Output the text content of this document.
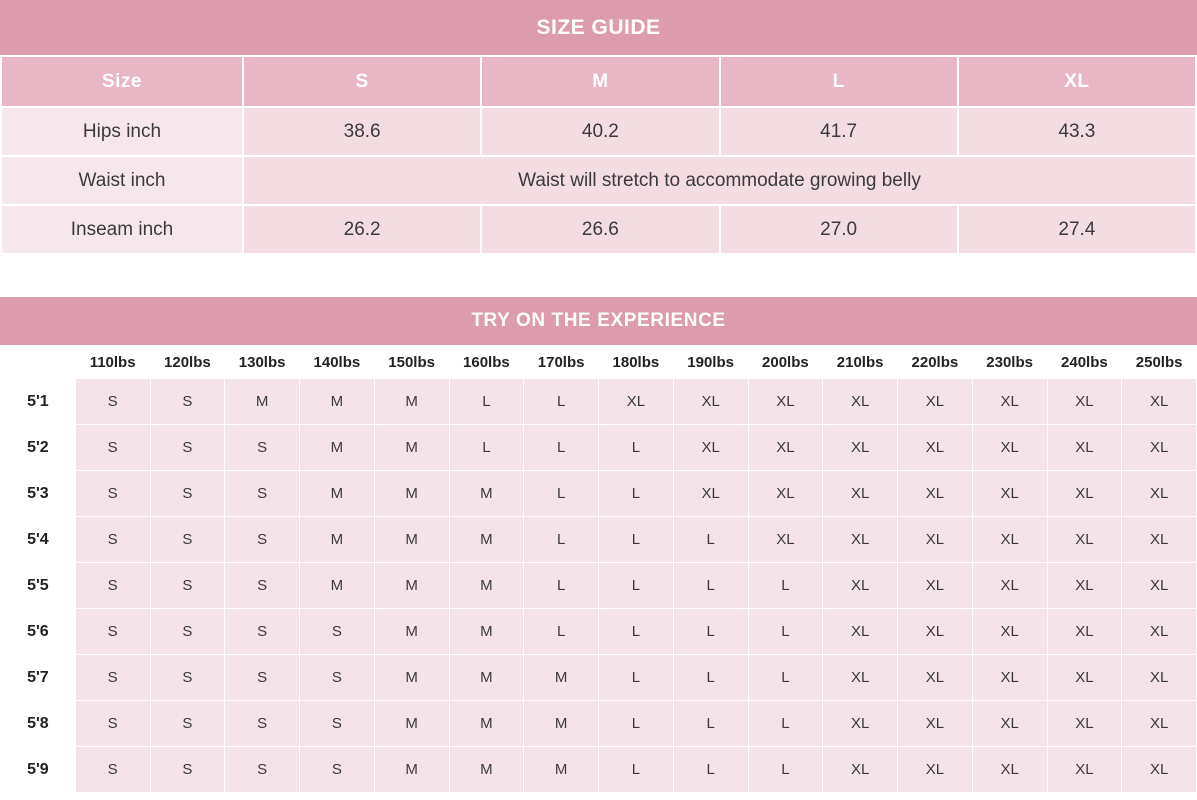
SIZE GUIDE
Size	S	M	L	XL
Hips inch	38.6	40.2	41.7	43.3
Waist inch	Waist will stretch to accommodate growing belly			
Inseam inch	26.2	26.6	27.0	27.4
TRY ON THE EXPERIENCE
	110lbs	120lbs	130lbs	140lbs	150lbs	160lbs	170lbs	180lbs	190lbs	200lbs	210lbs	220lbs	230lbs	240lbs	250lbs
5'1	S	S	M	M	M	L	L	XL	XL	XL	XL	XL	XL	XL	XL
5'2	S	S	S	M	M	L	L	L	XL	XL	XL	XL	XL	XL	XL
5'3	S	S	S	M	M	M	L	L	XL	XL	XL	XL	XL	XL	XL
5'4	S	S	S	M	M	M	L	L	L	XL	XL	XL	XL	XL	XL
5'5	S	S	S	M	M	M	L	L	L	L	XL	XL	XL	XL	XL
5'6	S	S	S	S	M	M	L	L	L	L	XL	XL	XL	XL	XL
5'7	S	S	S	S	M	M	M	L	L	L	XL	XL	XL	XL	XL
5'8	S	S	S	S	M	M	M	L	L	L	XL	XL	XL	XL	XL
5'9	S	S	S	S	M	M	M	L	L	L	XL	XL	XL	XL	XL
